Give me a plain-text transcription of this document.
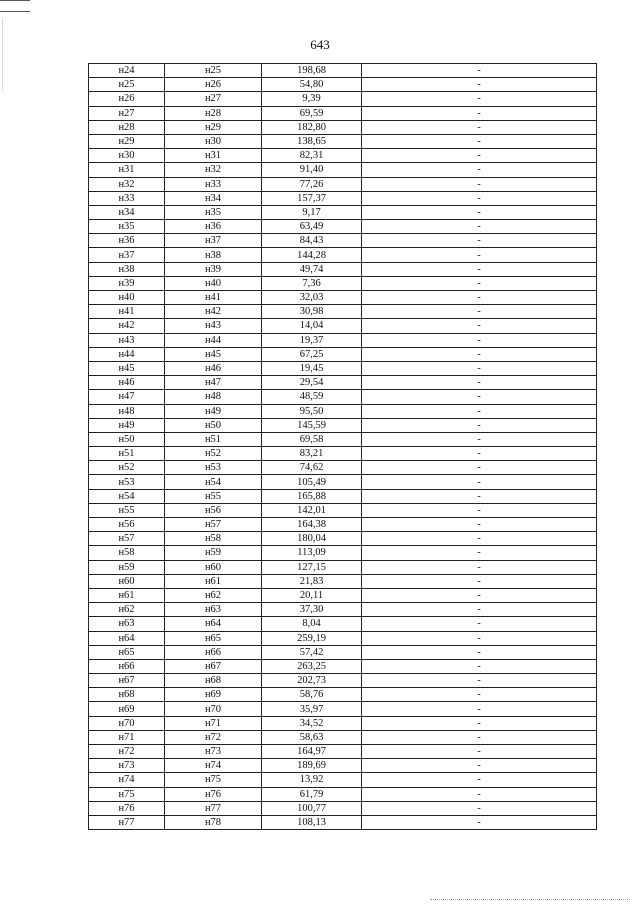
643
н24	н25	198,68	-
н25	н26	54,80	-
н26	н27	9,39	-
н27	н28	69,59	-
н28	н29	182,80	-
н29	н30	138,65	-
н30	н31	82,31	-
н31	н32	91,40	-
н32	н33	77,26	-
н33	н34	157,37	-
н34	н35	9,17	-
н35	н36	63,49	-
н36	н37	84,43	-
н37	н38	144,28	-
н38	н39	49,74	-
н39	н40	7,36	-
н40	н41	32,03	-
н41	н42	30,98	-
н42	н43	14,04	-
н43	н44	19,37	-
н44	н45	67,25	-
н45	н46	19,45	-
н46	н47	29,54	-
н47	н48	48,59	-
н48	н49	95,50	-
н49	н50	145,59	-
н50	н51	69,58	-
н51	н52	83,21	-
н52	н53	74,62	-
н53	н54	105,49	-
н54	н55	165,88	-
н55	н56	142,01	-
н56	н57	164,38	-
н57	н58	180,04	-
н58	н59	113,09	-
н59	н60	127,15	-
н60	н61	21,83	-
н61	н62	20,11	-
н62	н63	37,30	-
н63	н64	8,04	-
н64	н65	259,19	-
н65	н66	57,42	-
н66	н67	263,25	-
н67	н68	202,73	-
н68	н69	58,76	-
н69	н70	35,97	-
н70	н71	34,52	-
н71	н72	58,63	-
н72	н73	164,97	-
н73	н74	189,69	-
н74	н75	13,92	-
н75	н76	61,79	-
н76	н77	100,77	-
н77	н78	108,13	-
